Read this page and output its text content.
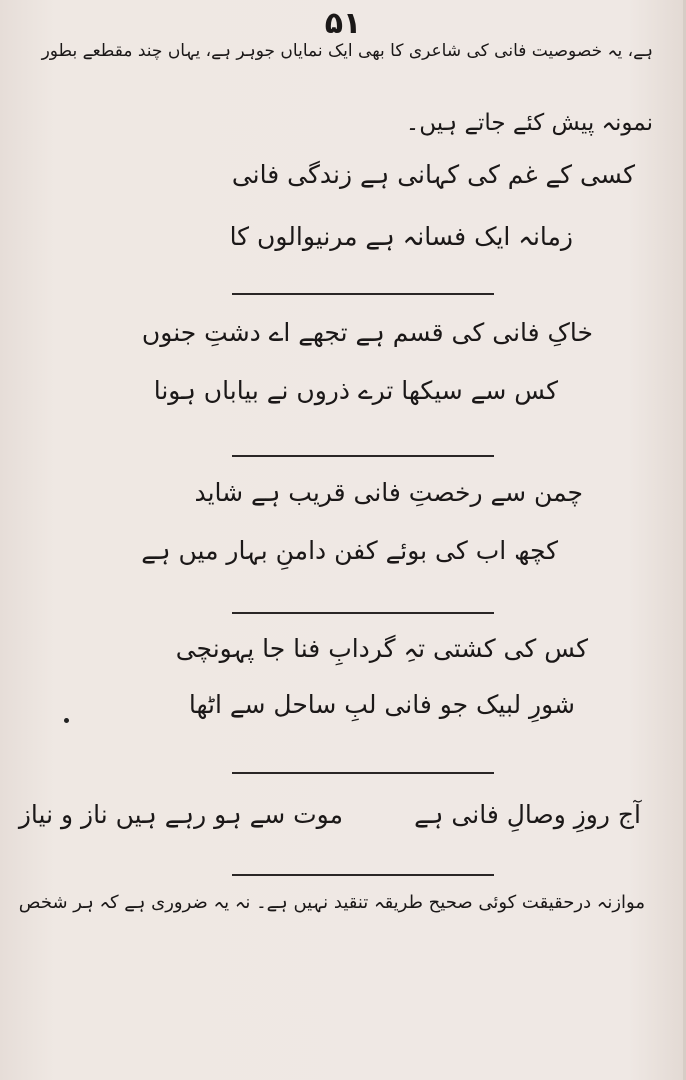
۵۱
ہے، یہ خصوصیت فانی کی شاعری کا بھی ایک نمایاں جوہر ہے، یہاں چند مقطعے بطور
نمونہ پیش کئے جاتے ہیں۔
کسی کے غم کی کہانی ہے زندگی فانی
زمانہ ایک فسانہ ہے مرنیوالوں کا
خاکِ فانی کی قسم ہے تجھے اے دشتِ جنوں
کس سے سیکھا ترے ذروں نے بیاباں ہونا
چمن سے رخصتِ فانی قریب ہے شاید
کچھ اب کی بوئے کفن دامنِ بہار میں ہے
کس کی کشتی تہِ گردابِ فنا جا پہونچی
شورِ لبیک جو فانی لبِ ساحل سے اٹھا
آج روزِ وصالِ فانی ہے
موت سے ہو رہے ہیں ناز و نیاز
موازنہ درحقیقت کوئی صحیح طریقہ تنقید نہیں ہے۔ نہ یہ ضروری ہے کہ ہر شخص
